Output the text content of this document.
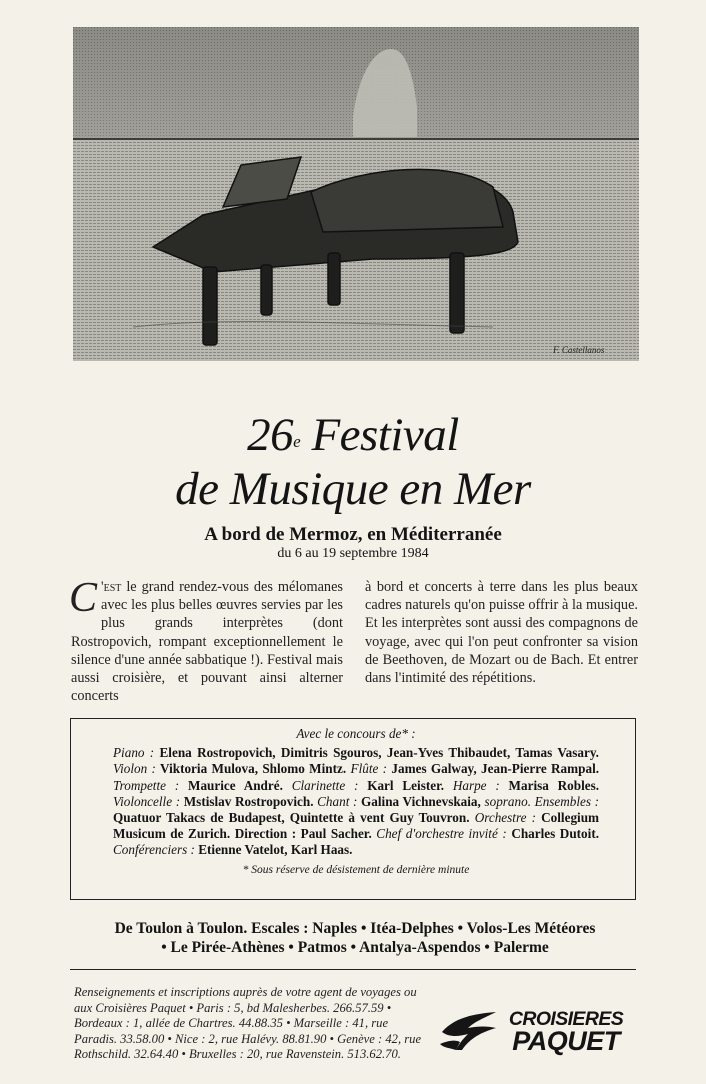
F. Castellanos
26e Festival
de Musique en Mer
A bord de Mermoz, en Méditerranée
du 6 au 19 septembre 1984
C 'est le grand rendez-vous des mélomanes avec les plus belles œuvres servies par les plus grands interprètes (dont Rostropovich, rompant exceptionnellement le silence d'une année sabbatique !). Festival mais aussi croisière, et pouvant ainsi alterner concerts
à bord et concerts à terre dans les plus beaux cadres naturels qu'on puisse offrir à la musique. Et les interprètes sont aussi des compagnons de voyage, avec qui l'on peut confronter sa vision de Beethoven, de Mozart ou de Bach. Et entrer dans l'intimité des répétitions.
Avec le concours de* :
Piano : Elena Rostropovich, Dimitris Sgouros, Jean-Yves Thibaudet, Tamas Vasary. Violon : Viktoria Mulova, Shlomo Mintz. Flûte : James Galway, Jean-Pierre Rampal. Trompette : Maurice André. Clarinette : Karl Leister. Harpe : Marisa Robles. Violoncelle : Mstislav Rostropovich. Chant : Galina Vichnevskaia, soprano. Ensembles : Quatuor Takacs de Budapest, Quintette à vent Guy Touvron. Orchestre : Collegium Musicum de Zurich. Direction : Paul Sacher. Chef d'orchestre invité : Charles Dutoit. Conférenciers : Etienne Vatelot, Karl Haas.
* Sous réserve de désistement de dernière minute
De Toulon à Toulon. Escales : Naples • Itéa-Delphes • Volos-Les Météores
• Le Pirée-Athènes • Patmos • Antalya-Aspendos • Palerme
Renseignements et inscriptions auprès de votre agent de voyages ou aux Croisières Paquet • Paris : 5, bd Malesherbes. 266.57.59 • Bordeaux : 1, allée de Chartres. 44.88.35 • Marseille : 41, rue Paradis. 33.58.00 • Nice : 2, rue Halévy. 88.81.90 • Genève : 42, rue Rothschild. 32.64.40 • Bruxelles : 20, rue Ravenstein. 513.62.70.
CROISIERES
PAQUET
